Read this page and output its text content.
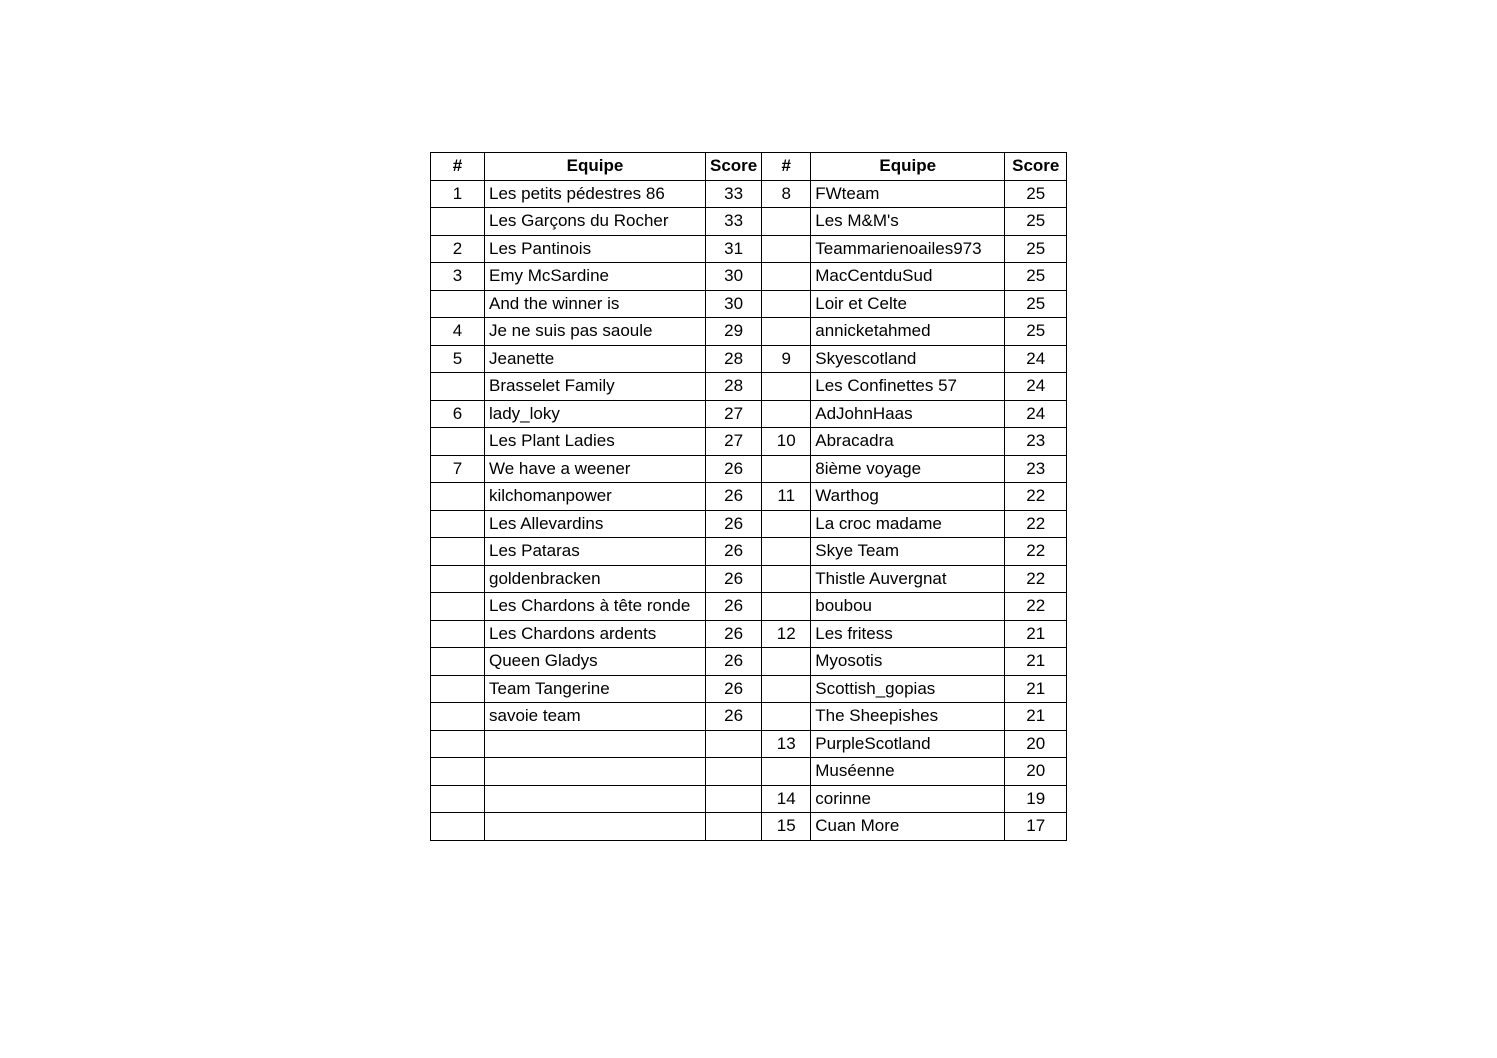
#	Equipe	Score	#	Equipe	Score
1	Les petits pédestres 86	33	8	FWteam	25
	Les Garçons du Rocher	33		Les M&M's	25
2	Les Pantinois	31		Teammarienoailes973	25
3	Emy McSardine	30		MacCentduSud	25
	And the winner is	30		Loir et Celte	25
4	Je ne suis pas saoule	29		annicketahmed	25
5	Jeanette	28	9	Skyescotland	24
	Brasselet Family	28		Les Confinettes 57	24
6	lady_loky	27		AdJohnHaas	24
	Les Plant Ladies	27	10	Abracadra	23
7	We have a weener	26		8ième voyage	23
	kilchomanpower	26	11	Warthog	22
	Les Allevardins	26		La croc madame	22
	Les Pataras	26		Skye Team	22
	goldenbracken	26		Thistle Auvergnat	22
	Les Chardons à tête ronde	26		boubou	22
	Les Chardons ardents	26	12	Les fritess	21
	Queen Gladys	26		Myosotis	21
	Team Tangerine	26		Scottish_gopias	21
	savoie team	26		The Sheepishes	21
			13	PurpleScotland	20
				Muséenne	20
			14	corinne	19
			15	Cuan More	17
